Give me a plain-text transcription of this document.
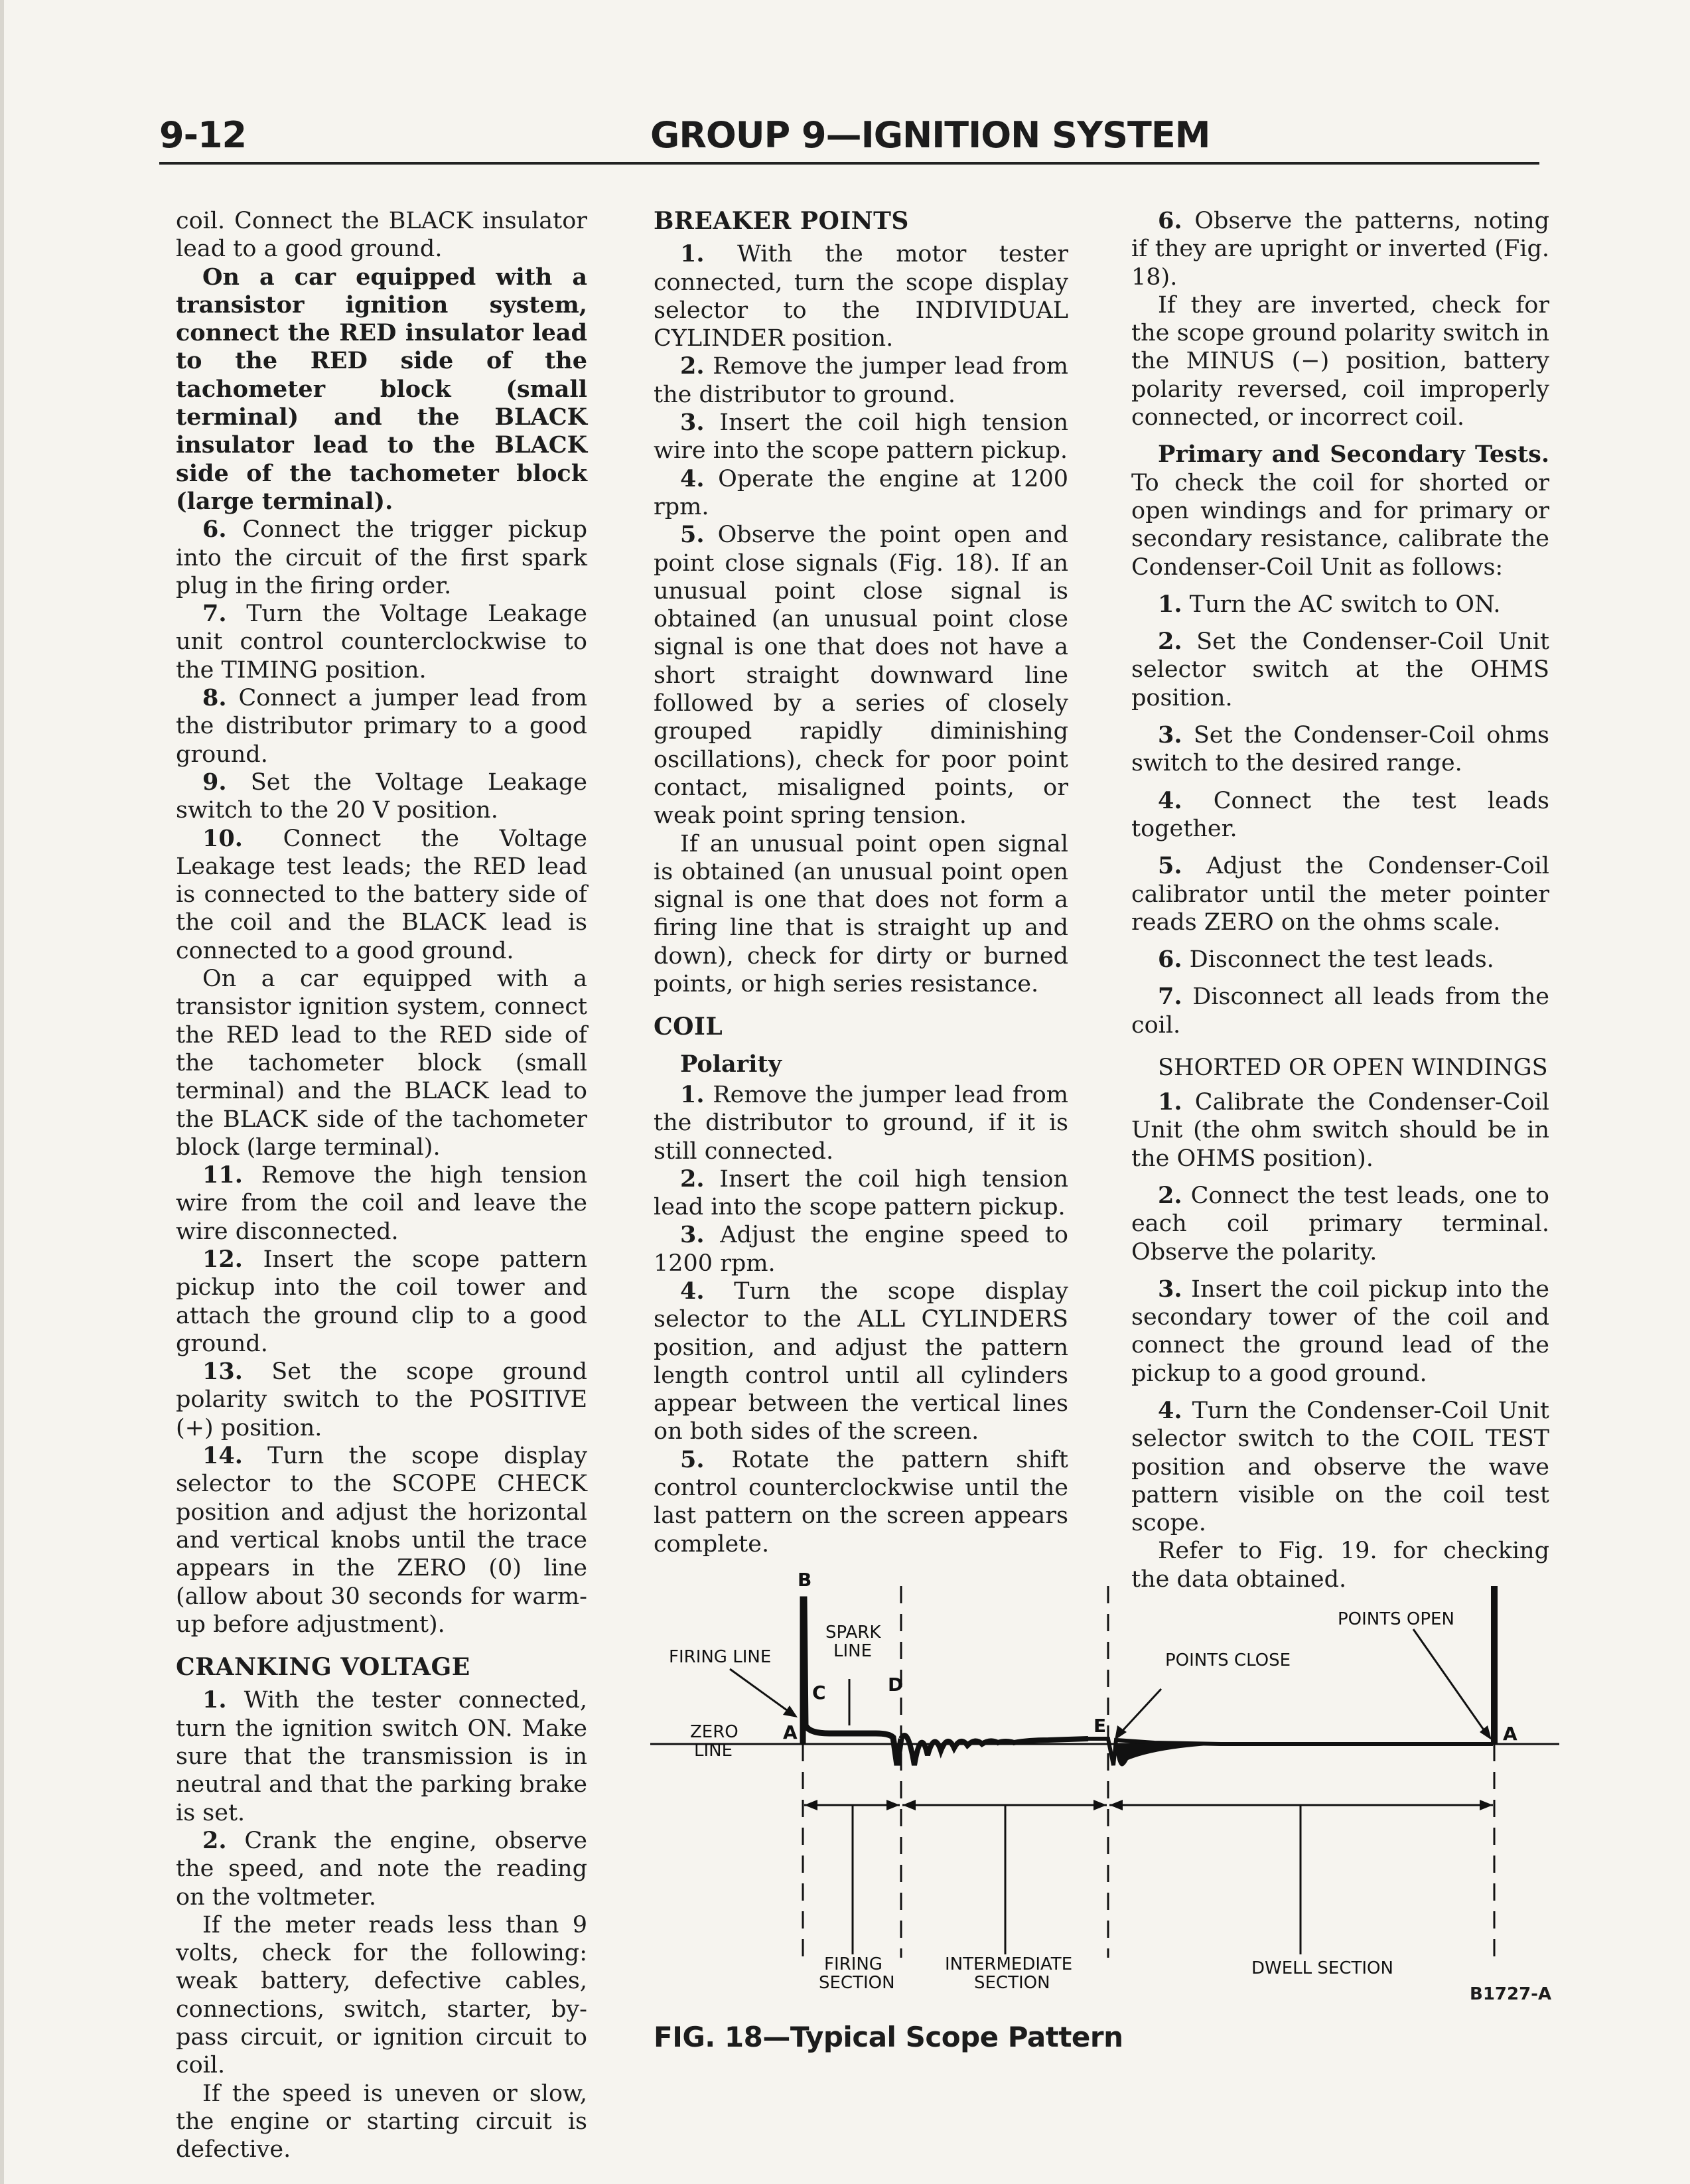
9-12	GROUP 9—IGNITION SYSTEM

coil. Connect the BLACK insulator lead to a good ground.

On a car equipped with a transistor ignition system, connect the RED insulator lead to the RED side of the tachometer block (small terminal) and the BLACK insulator lead to the BLACK side of the tachometer block (large terminal).

6. Connect the trigger pickup into the circuit of the first spark plug in the firing order.

7. Turn the Voltage Leakage unit control counterclockwise to the TIMING position.

8. Connect a jumper lead from the distributor primary to a good ground.

9. Set the Voltage Leakage switch to the 20 V position.

10. Connect the Voltage Leakage test leads; the RED lead is connected to the battery side of the coil and the BLACK lead is connected to a good ground.

On a car equipped with a transistor ignition system, connect the RED lead to the RED side of the tachometer block (small terminal) and the BLACK lead to the BLACK side of the tachometer block (large terminal).

11. Remove the high tension wire from the coil and leave the wire disconnected.

12. Insert the scope pattern pickup into the coil tower and attach the ground clip to a good ground.

13. Set the scope ground polarity switch to the POSITIVE (+) position.

14. Turn the scope display selector to the SCOPE CHECK position and adjust the horizontal and vertical knobs until the trace appears in the ZERO (0) line (allow about 30 seconds for warm-up before adjustment).

CRANKING VOLTAGE

1. With the tester connected, turn the ignition switch ON. Make sure that the transmission is in neutral and that the parking brake is set.

2. Crank the engine, observe the speed, and note the reading on the voltmeter.

If the meter reads less than 9 volts, check for the following: weak battery, defective cables, connections, switch, starter, by-pass circuit, or ignition circuit to coil.

If the speed is uneven or slow, the engine or starting circuit is defective.

BREAKER POINTS

1. With the motor tester connected, turn the scope display selector to the INDIVIDUAL CYLINDER position.

2. Remove the jumper lead from the distributor to ground.

3. Insert the coil high tension wire into the scope pattern pickup.

4. Operate the engine at 1200 rpm.

5. Observe the point open and point close signals (Fig. 18). If an unusual point close signal is obtained (an unusual point close signal is one that does not have a short straight downward line followed by a series of closely grouped rapidly diminishing oscillations), check for poor point contact, misaligned points, or weak point spring tension.

If an unusual point open signal is obtained (an unusual point open signal is one that does not form a firing line that is straight up and down), check for dirty or burned points, or high series resistance.

COIL
Polarity

1. Remove the jumper lead from the distributor to ground, if it is still connected.

2. Insert the coil high tension lead into the scope pattern pickup.

3. Adjust the engine speed to 1200 rpm.

4. Turn the scope display selector to the ALL CYLINDERS position, and adjust the pattern length control until all cylinders appear between the vertical lines on both sides of the screen.

5. Rotate the pattern shift control counterclockwise until the last pattern on the screen appears complete.

6. Observe the patterns, noting if they are upright or inverted (Fig. 18).

If they are inverted, check for the scope ground polarity switch in the MINUS (−) position, battery polarity reversed, coil improperly connected, or incorrect coil.

Primary and Secondary Tests. To check the coil for shorted or open windings and for primary or secondary resistance, calibrate the Condenser-Coil Unit as follows:

1. Turn the AC switch to ON.

2. Set the Condenser-Coil Unit selector switch at the OHMS position.

3. Set the Condenser-Coil ohms switch to the desired range.

4. Connect the test leads together.

5. Adjust the Condenser-Coil calibrator until the meter pointer reads ZERO on the ohms scale.

6. Disconnect the test leads.

7. Disconnect all leads from the coil.

SHORTED OR OPEN WINDINGS

1. Calibrate the Condenser-Coil Unit (the ohm switch should be in the OHMS position).

2. Connect the test leads, one to each coil primary terminal. Observe the polarity.

3. Insert the coil pickup into the secondary tower of the coil and connect the ground lead of the pickup to a good ground.

4. Turn the Condenser-Coil Unit selector switch to the COIL TEST position and observe the wave pattern visible on the coil test scope.

Refer to Fig. 19. for checking the data obtained.

B
C	D
E
A	A
SPARK
LINE
FIRING LINE
ZERO
LINE
POINTS OPEN
POINTS CLOSE
FIRING
SECTION
INTERMEDIATE
SECTION
DWELL SECTION
B1727-A
FIG. 18—Typical Scope Pattern
